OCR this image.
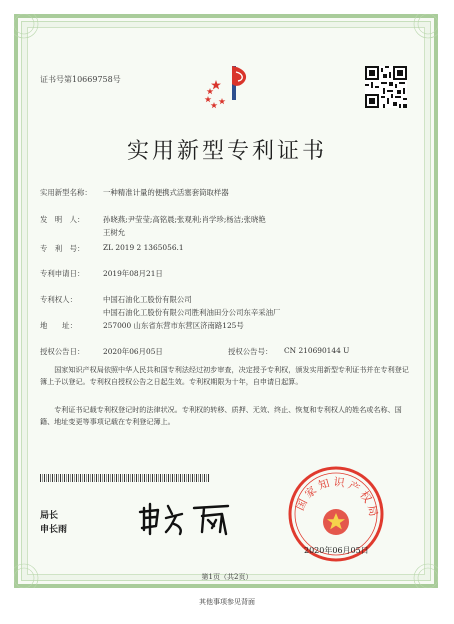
证书号第10669758号
实用新型专利证书
实用新型名称： 一种精准计量的便携式活塞套筒取样器
发　明　人：	孙晓燕;尹莹莹;高铭晨;张观利;肖学珍;杨洁;张晓艳
王树允
专　利　号：	ZL 2019 2 1365056.1
专利申请日：	2019年08月21日
专利权人：	中国石油化工股份有限公司
中国石油化工股份有限公司胜利油田分公司东辛采油厂
地　　址：	257000 山东省东营市东营区济南路125号
授权公告日：	2020年06月05日	授权公告号： CN 210690144 U
国家知识产权局依照中华人民共和国专利法经过初步审查，决定授予专利权，颁发实用新型专利证书并在专利登记簿上予以登记。专利权自授权公告之日起生效。专利权期限为十年，自申请日起算。
专利证书记载专利权登记时的法律状况。专利权的转移、质押、无效、终止、恢复和专利权人的姓名或名称、国籍、地址变更等事项记载在专利登记簿上。
局长
申长雨
国家知识产权局
2020年06月05日
第1页（共2页）
其他事项参见背面
